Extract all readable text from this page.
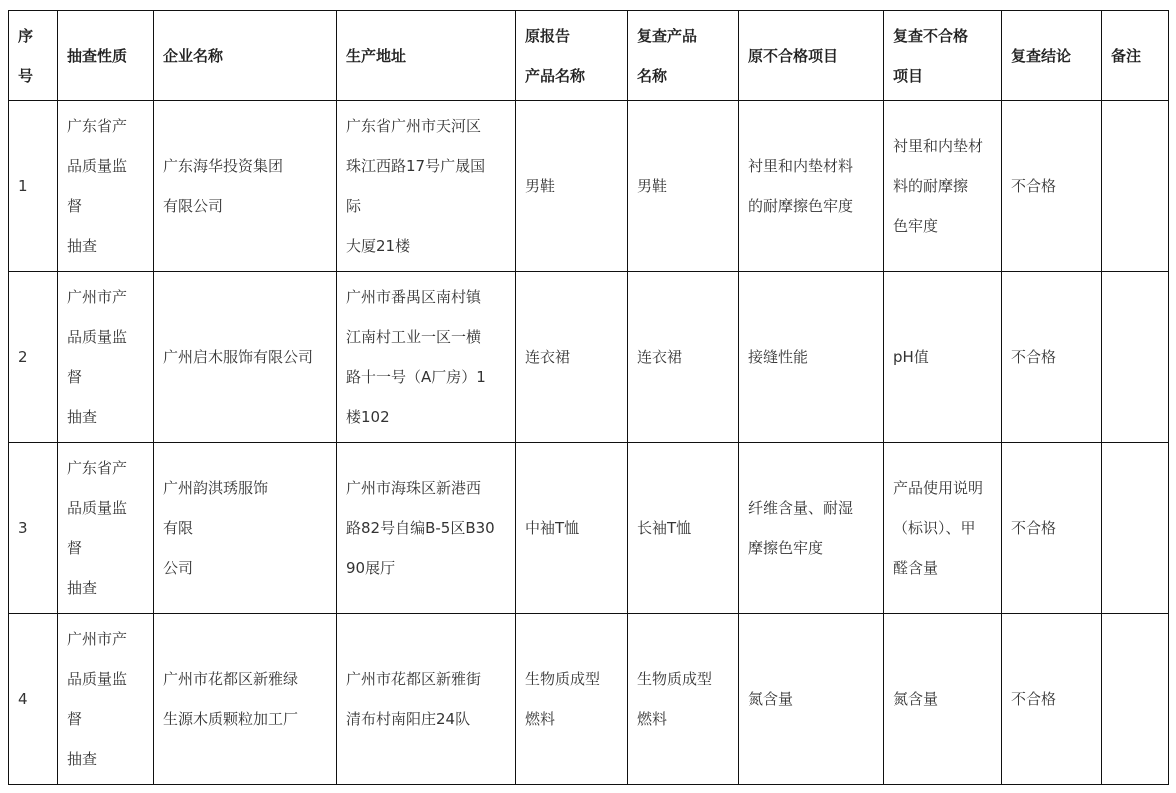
序
号	抽查性质	企业名称	生产地址	原报告
产品名称	复查产品
名称	原不合格项目	复查不合格
项目	复查结论	备注

1	广东省产
品质量监
督
抽查	广东海华投资集团
有限公司	广东省广州市天河区
珠江西路17号广晟国
际
大厦21楼	男鞋	男鞋	衬里和内垫材料
的耐摩擦色牢度	衬里和内垫材
料的耐摩擦
色牢度	不合格	

2	广州市产
品质量监
督
抽查	广州启木服饰有限公司	广州市番禺区南村镇
江南村工业一区一横
路十一号（A厂房）1
楼102	连衣裙	连衣裙	接缝性能	pH值	不合格	

3	广东省产
品质量监
督
抽查	广州韵淇琇服饰
有限
公司	广州市海珠区新港西
路82号自编B-5区B30
90展厅	中袖T恤	长袖T恤	纤维含量、耐湿
摩擦色牢度	产品使用说明
（标识）、甲
醛含量	不合格	

4	广州市产
品质量监
督
抽查	广州市花都区新雅绿
生源木质颗粒加工厂	广州市花都区新雅街
清布村南阳庄24队	生物质成型
燃料	生物质成型
燃料	氮含量	氮含量	不合格	
